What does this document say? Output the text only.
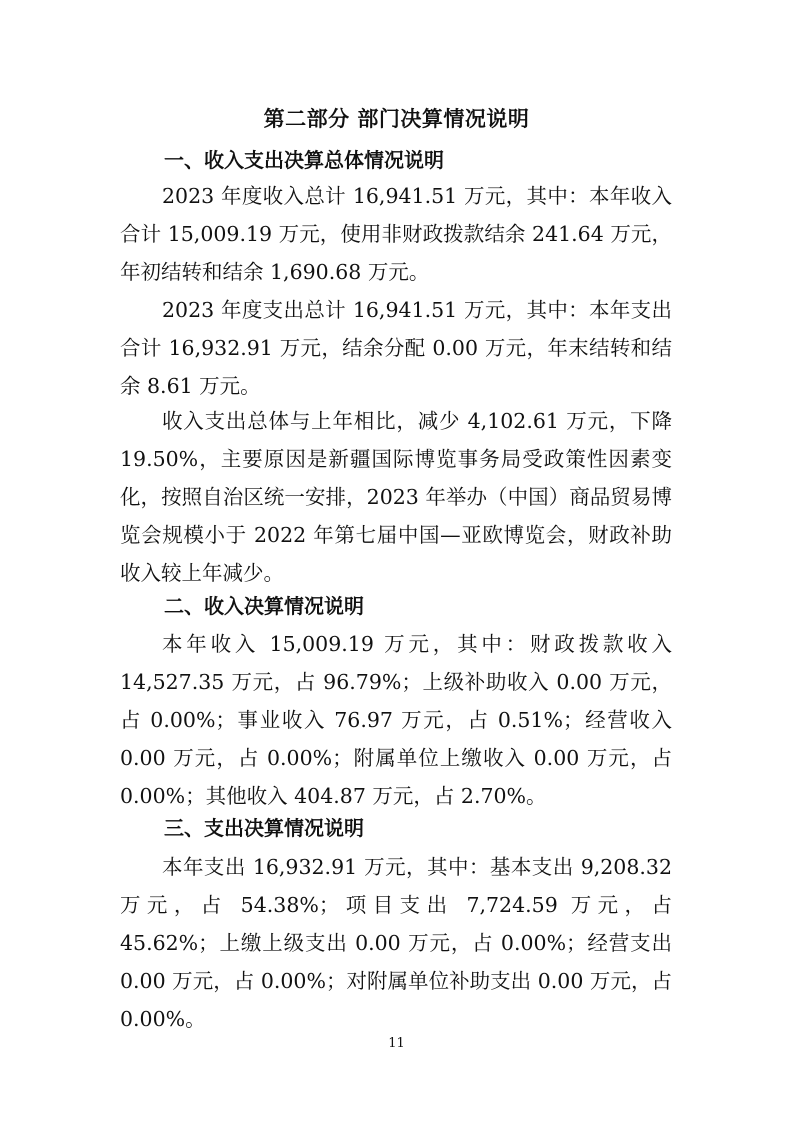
第二部分 部门决算情况说明
一、收入支出决算总体情况说明
2023 年度收入总计 16,941.51 万元，其中：本年收入合计 15,009.19 万元，使用非财政拨款结余 241.64 万元，年初结转和结余 1,690.68 万元。
2023 年度支出总计 16,941.51 万元，其中：本年支出合计 16,932.91 万元，结余分配 0.00 万元，年末结转和结余 8.61 万元。
收入支出总体与上年相比，减少 4,102.61 万元，下降 19.50%，主要原因是新疆国际博览事务局受政策性因素变化，按照自治区统一安排，2023 年举办（中国）商品贸易博览会规模小于 2022 年第七届中国—亚欧博览会，财政补助收入较上年减少。
二、收入决算情况说明
本年收入 15,009.19 万元，其中：财政拨款收入 14,527.35 万元，占 96.79%；上级补助收入 0.00 万元，占 0.00%；事业收入 76.97 万元，占 0.51%；经营收入 0.00 万元，占 0.00%；附属单位上缴收入 0.00 万元，占 0.00%；其他收入 404.87 万元，占 2.70%。
三、支出决算情况说明
本年支出 16,932.91 万元，其中：基本支出 9,208.32 万元，占 54.38%；项目支出 7,724.59 万元，占 45.62%；上缴上级支出 0.00 万元，占 0.00%；经营支出 0.00 万元，占 0.00%；对附属单位补助支出 0.00 万元，占 0.00%。
11
